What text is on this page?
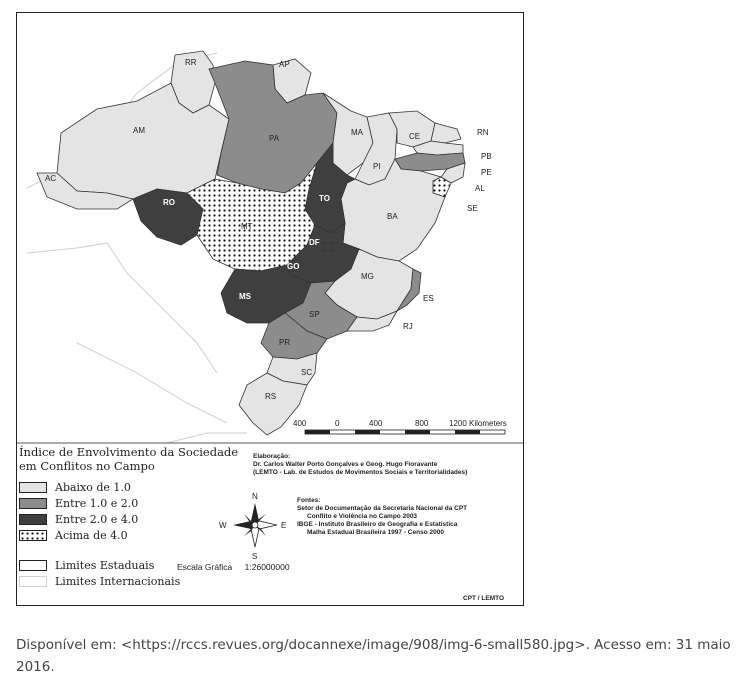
RR	AP
AM
PA
MA	CE	RN
PB
PE
AL
SE
PI
AC
RO
MT
TO
BA
DF
GO
MG
ES
MS
SP
RJ
PR
SC
RS
400	0	400	800	1200 Kilometers
N
S
E
W
Índice de Envolvimento da Sociedade
em Conflitos no Campo
Abaixo de 1.0
Entre 1.0 e 2.0
Entre 2.0 e 4.0
Acima de 4.0
Limites Estaduais
Limites Internacionais
Elaboração:
Dr. Carlos Walter Porto Gonçalves e Geog. Hugo Fioravante
(LEMTO - Lab. de Estudos de Movimentos Sociais e Territorialidades)
Fontes:
Setor de Documentação da Secretaria Nacional da CPT
Conflito e Violência no Campo 2003
IBGE - Instituto Brasileiro de Geografia e Estatística
Malha Estadual Brasileira 1997 - Censo 2000
Escala Gráfica 1:26000000
CPT / LEMTO
Disponível em: <https://rccs.revues.org/docannexe/image/908/img-6-small580.jpg>. Acesso em: 31 maio 2016.
